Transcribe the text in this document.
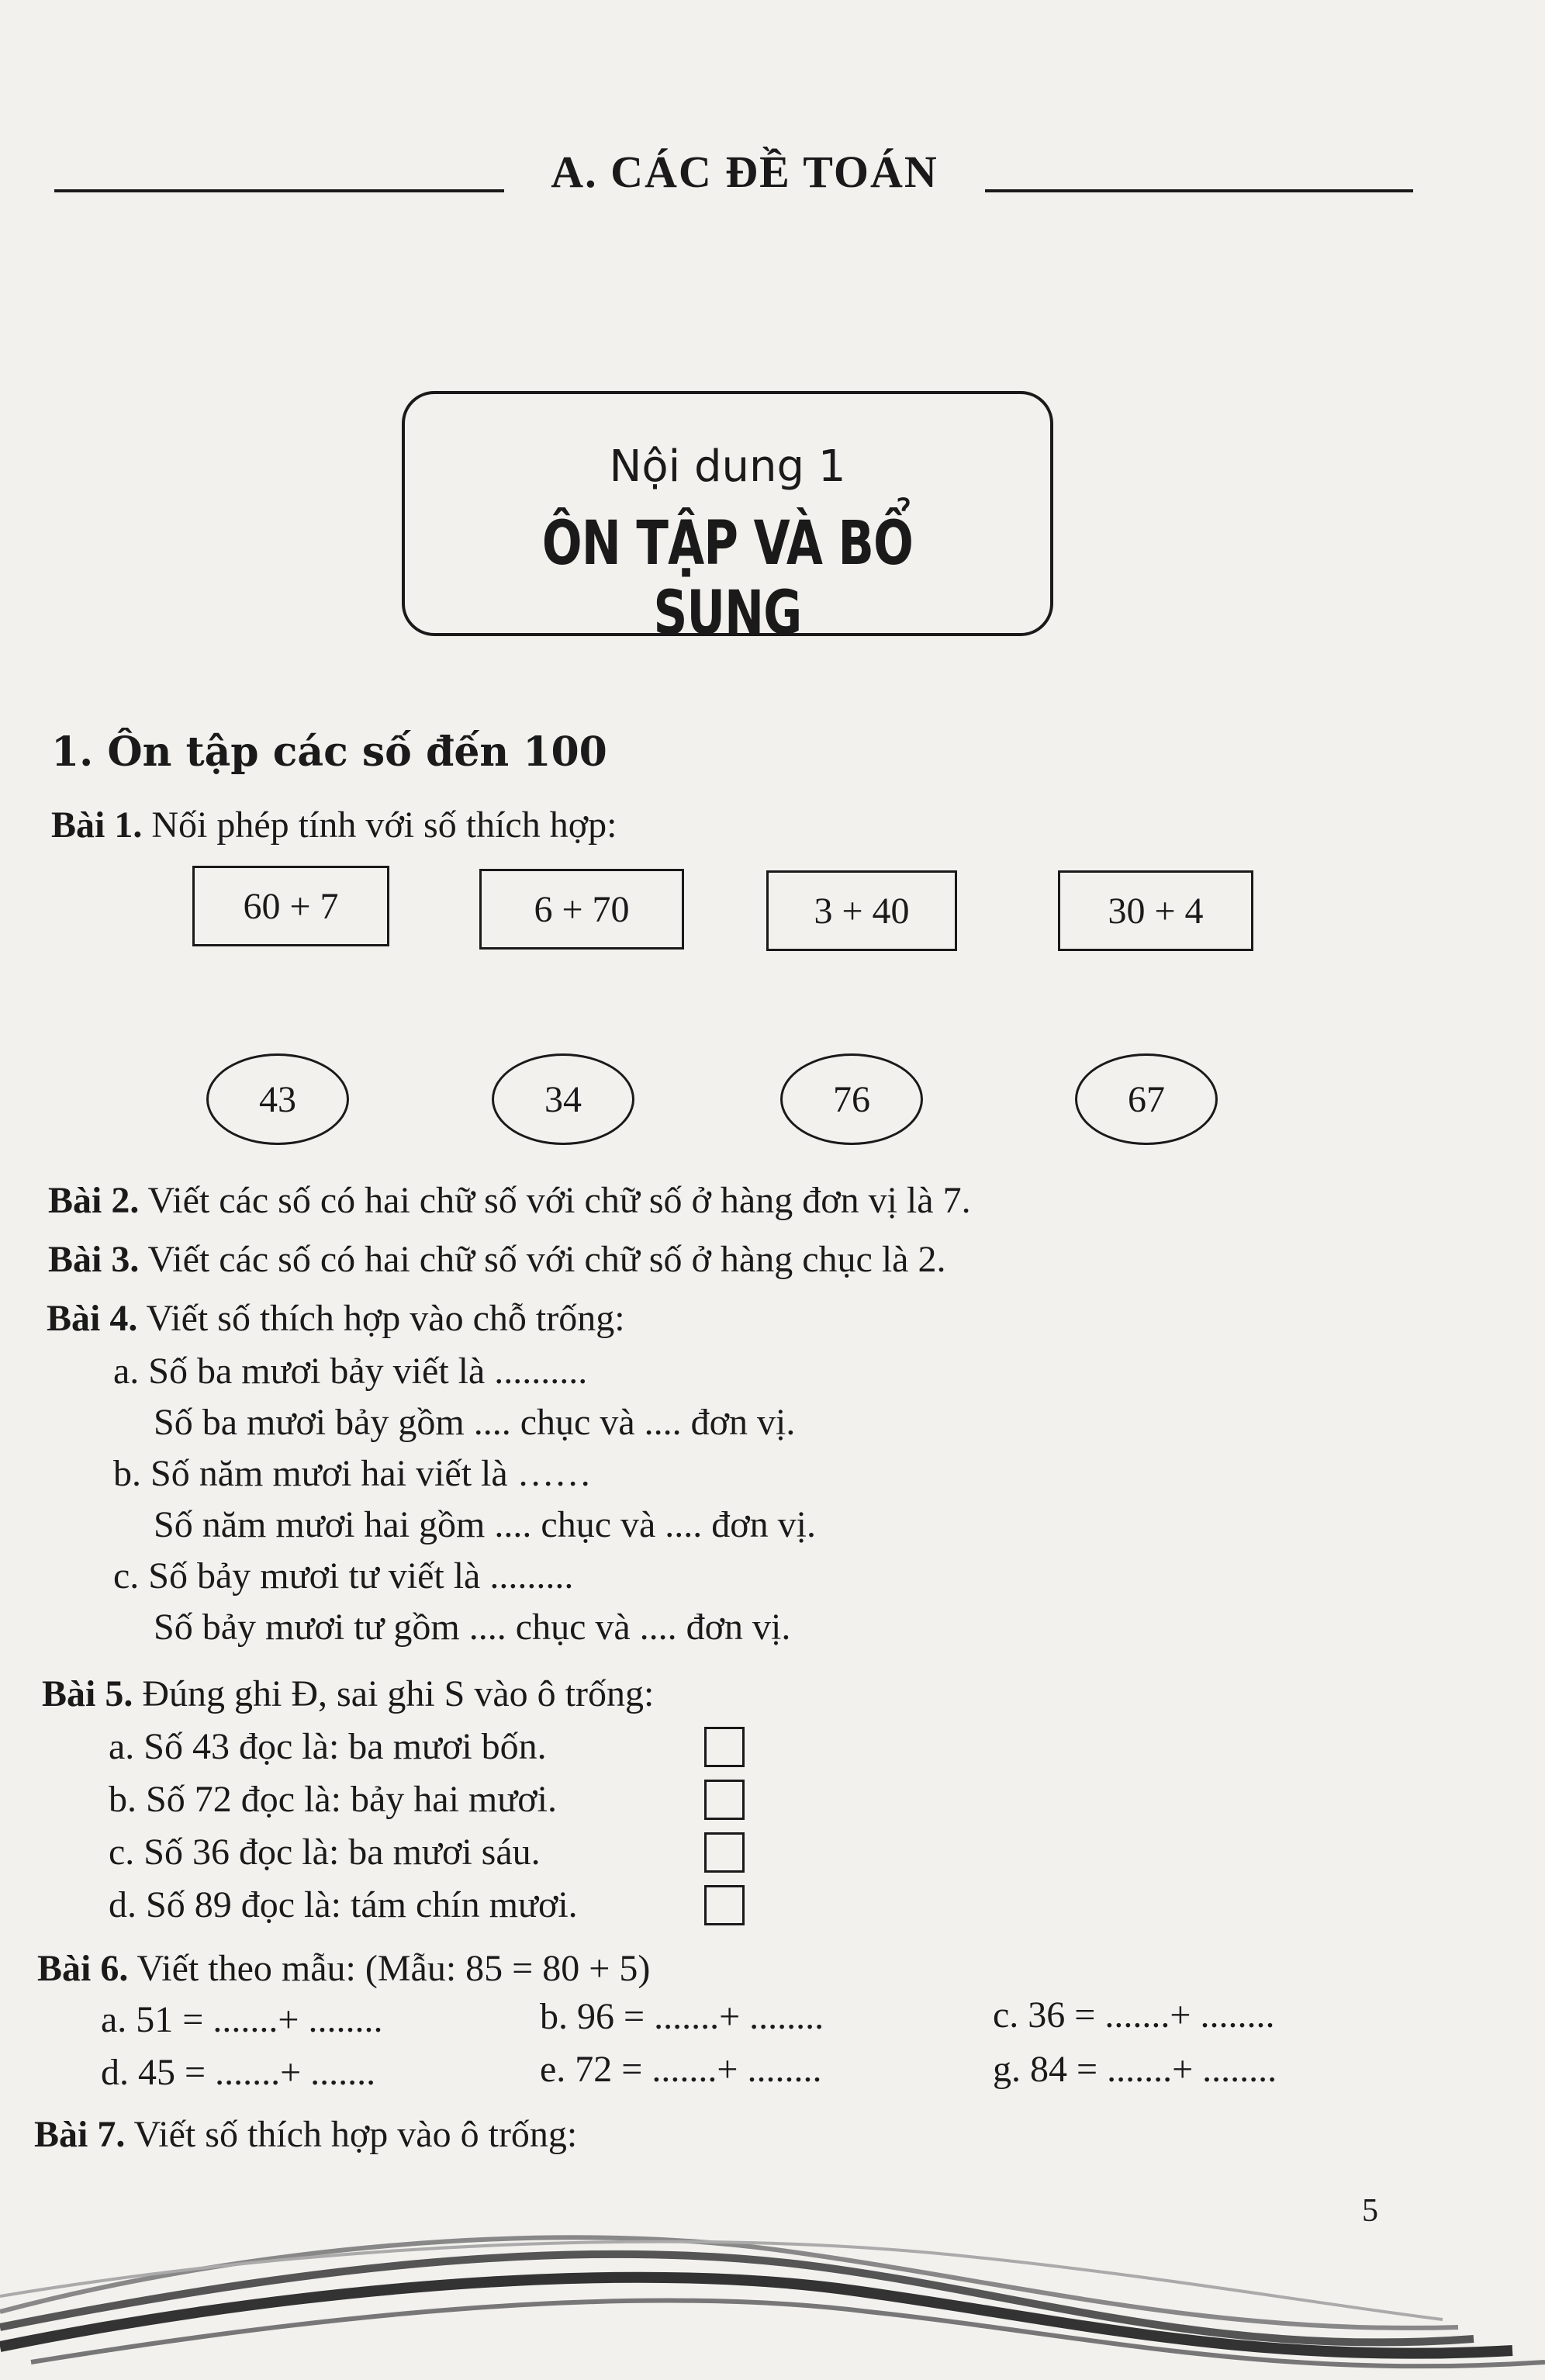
A. CÁC ĐỀ TOÁN
Nội dung 1
ÔN TẬP VÀ BỔ SUNG
1. Ôn tập các số đến 100
Bài 1. Nối phép tính với số thích hợp:
60 + 7	6 + 70	3 + 40	30 + 4
43	34	76	67
Bài 2. Viết các số có hai chữ số với chữ số ở hàng đơn vị là 7.
Bài 3. Viết các số có hai chữ số với chữ số ở hàng chục là 2.
Bài 4. Viết số thích hợp vào chỗ trống:
a. Số ba mươi bảy viết là ..........
Số ba mươi bảy gồm .... chục và .... đơn vị.
b. Số năm mươi hai viết là ……
Số năm mươi hai gồm .... chục và .... đơn vị.
c. Số bảy mươi tư viết là .........
Số bảy mươi tư gồm .... chục và .... đơn vị.
Bài 5. Đúng ghi Đ, sai ghi S vào ô trống:
a. Số 43 đọc là: ba mươi bốn.
b. Số 72 đọc là: bảy hai mươi.
c. Số 36 đọc là: ba mươi sáu.
d. Số 89 đọc là: tám chín mươi.
Bài 6. Viết theo mẫu: (Mẫu: 85 = 80 + 5)
a. 51 = .......+ ........	b. 96 = .......+ ........	c. 36 = .......+ ........
d. 45 = .......+ .......	e. 72 = .......+ ........	g. 84 = .......+ ........
Bài 7. Viết số thích hợp vào ô trống:
5
